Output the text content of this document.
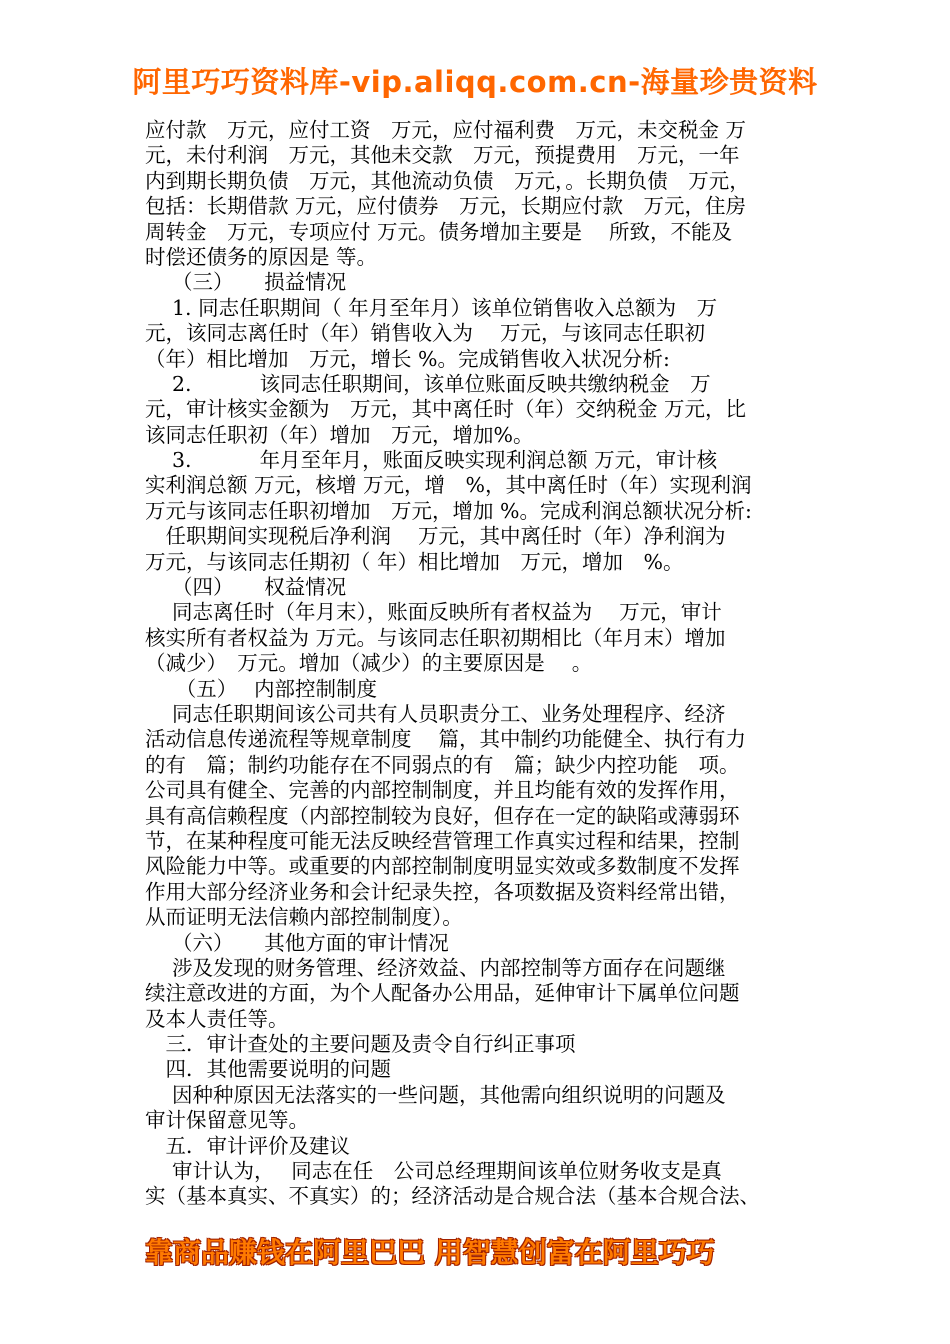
阿里巧巧资料库-vip.aliqq.com.cn-海量珍贵资料
应付款　万元，应付工资　万元，应付福利费　万元，未交税金 万
元，未付利润　万元，其他未交款　万元，预提费用　万元，一年
内到期长期负债　万元，其他流动负债　万元，。长期负债　万元，
包括：长期借款 万元，应付债券　万元，长期应付款　万元，住房
周转金　万元，专项应付 万元。债务增加主要是　 所致，不能及
时偿还债务的原因是 等。
　 （三）　　损益情况
　 1. 同志任职期间（ 年月至年月）该单位销售收入总额为　万
元，该同志离任时（年）销售收入为　 万元，与该同志任职初
（年）相比增加　万元，增长 %。完成销售收入状况分析:
　 2.　　　 该同志任职期间，该单位账面反映共缴纳税金　万
元，审计核实金额为　万元，其中离任时（年）交纳税金 万元，比
该同志任职初（年）增加　万元，增加%。
　 3.　　　 年月至年月，账面反映实现利润总额 万元，审计核
实利润总额 万元，核增 万元，增　%，其中离任时（年）实现利润
万元与该同志任职初增加　万元，增加 %。完成利润总额状况分析:
　任职期间实现税后净利润　 万元，其中离任时（年）净利润为
万元，与该同志任期初（ 年）相比增加　万元，增加　%。
　 （四）　　权益情况
　 同志离任时（年月末），账面反映所有者权益为　 万元，审计
核实所有者权益为 万元。与该同志任职初期相比（年月末）增加
（减少）　万元。增加（减少）的主要原因是　 。
　　（五）　 内部控制制度
　 同志任职期间该公司共有人员职责分工、业务处理程序、经济
活动信息传递流程等规章制度　 篇，其中制约功能健全、执行有力
的有　篇；制约功能存在不同弱点的有　篇；缺少内控功能　项。
公司具有健全、完善的内部控制制度，并且均能有效的发挥作用，
具有高信赖程度（内部控制较为良好，但存在一定的缺陷或薄弱环
节，在某种程度可能无法反映经营管理工作真实过程和结果，控制
风险能力中等。或重要的内部控制制度明显实效或多数制度不发挥
作用大部分经济业务和会计纪录失控，各项数据及资料经常出错，
从而证明无法信赖内部控制制度）。
　 （六）　　其他方面的审计情况
　 涉及发现的财务管理、经济效益、内部控制等方面存在问题继
续注意改进的方面，为个人配备办公用品，延伸审计下属单位问题
及本人责任等。
　三．审计查处的主要问题及责令自行纠正事项
　四．其他需要说明的问题
　 因种种原因无法落实的一些问题，其他需向组织说明的问题及
审计保留意见等。
　五．审计评价及建议
　 审计认为，　 同志在任　公司总经理期间该单位财务收支是真
实（基本真实、不真实）的；经济活动是合规合法（基本合规合法、
靠商品赚钱在阿里巴巴 用智慧创富在阿里巧巧
